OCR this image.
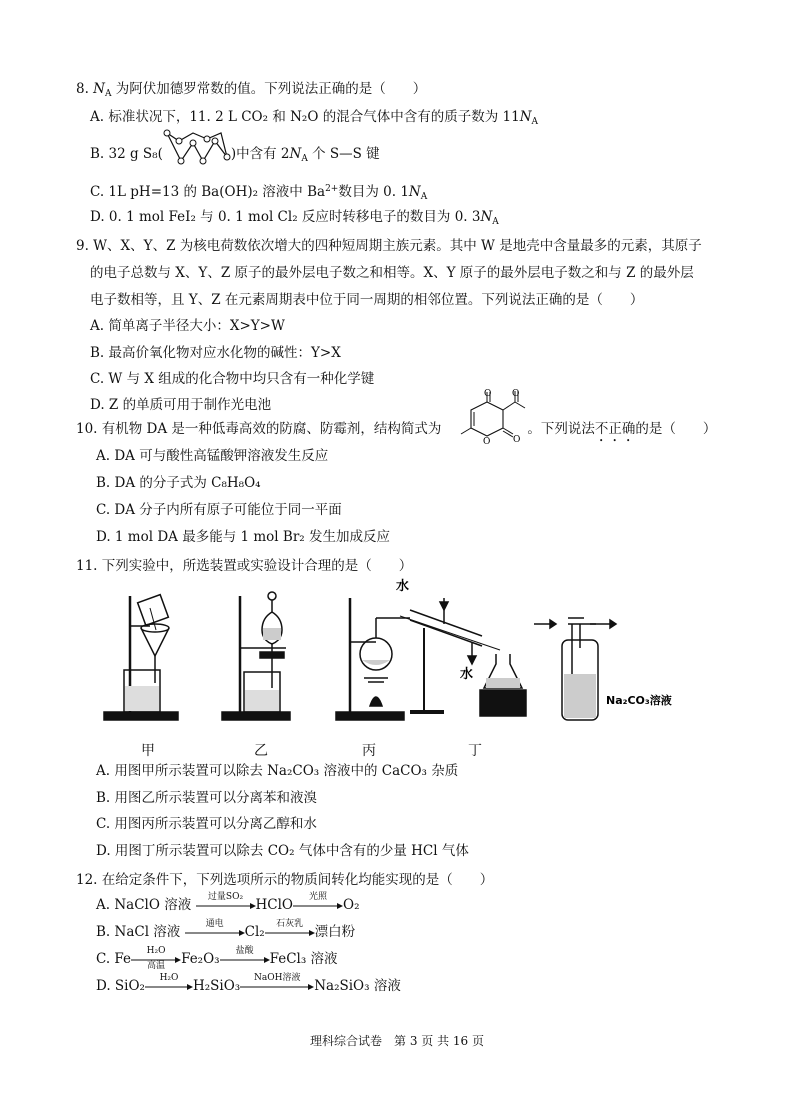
8. $N_A$ 为阿伏加德罗常数的值。下列说法正确的是（　　）
A. 标准状况下，11. 2 L CO₂ 和 N₂O 的混合气体中含有的质子数为 $11N_A$
B. 32 g S₈(	)中含有 $2N_A$ 个 S—S 键
C. 1L pH=13 的 Ba(OH)₂ 溶液中 $Ba^{2+}$数目为 0. $1N_A$
D. 0. 1 mol FeI₂ 与 0. 1 mol Cl₂ 反应时转移电子的数目为 0. $3N_A$
9. W、X、Y、Z 为核电荷数依次增大的四种短周期主族元素。其中 W 是地壳中含量最多的元素，其原子
的电子总数与 X、Y、Z 原子的最外层电子数之和相等。X、Y 原子的最外层电子数之和与 Z 的最外层
电子数相等，且 Y、Z 在元素周期表中位于同一周期的相邻位置。下列说法正确的是（　　）
A. 简单离子半径大小：X>Y>W
B. 最高价氧化物对应水化物的碱性：Y>X
C. W 与 X 组成的化合物中均只含有一种化学键
D. Z 的单质可用于制作光电池
10. 有机物 DA 是一种低毒高效的防腐、防霉剂，结构简式为
O O
O	O
。下列说法不正确的是（　　）
A. DA 可与酸性高锰酸钾溶液发生反应
B. DA 的分子式为 C₈H₈O₄
C. DA 分子内所有原子可能位于同一平面
D. 1 mol DA 最多能与 1 mol Br₂ 发生加成反应
11. 下列实验中，所选装置或实验设计合理的是（　　）
水
水
Na₂CO₃溶液
甲	乙	丙	丁
A. 用图甲所示装置可以除去 Na₂CO₃ 溶液中的 CaCO₃ 杂质
B. 用图乙所示装置可以分离苯和液溴
C. 用图丙所示装置可以分离乙醇和水
D. 用图丁所示装置可以除去 CO₂ 气体中含有的少量 HCl 气体
12. 在给定条件下，下列选项所示的物质间转化均能实现的是（　　）
A. NaClO 溶液	过量SO₂ HClO	光照	O₂
B. NaCl 溶液	通电	Cl₂	石灰乳 漂白粉
C. Fe	H₂O
高温	Fe₂O₃	盐酸	FeCl₃ 溶液
D. SiO₂	H₂O	H₂SiO₃	NaOH溶液	Na₂SiO₃ 溶液
理科综合试卷　第 3 页 共 16 页
